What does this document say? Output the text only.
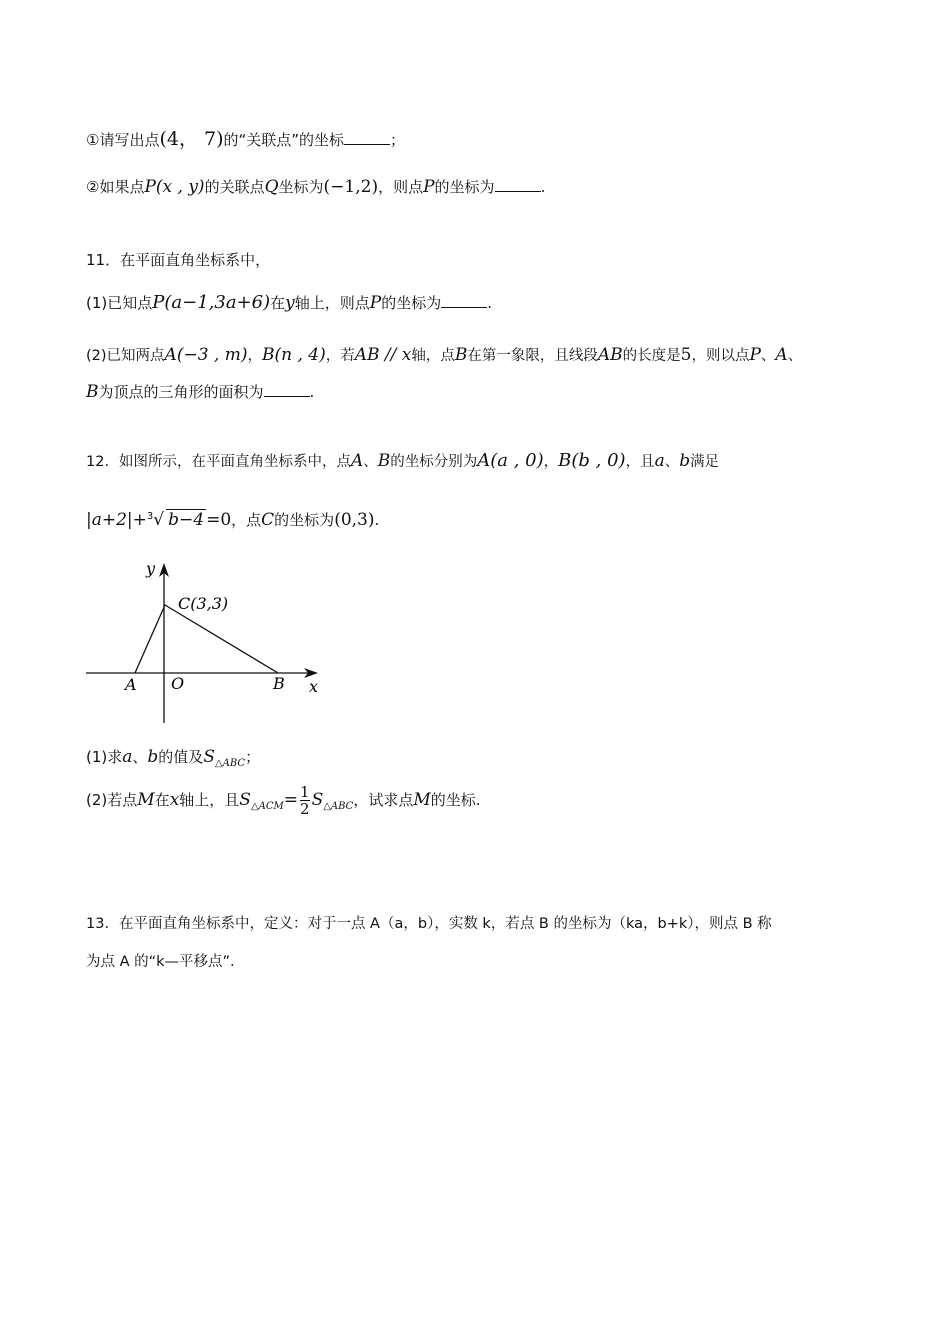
①请写出点(4， 7)的“关联点”的坐标	；
②如果点P(x , y)的关联点Q坐标为(−1,2)，则点P的坐标为	.
11．在平面直角坐标系中，
(1)已知点P(a−1,3a+6)在y轴上，则点P的坐标为	.
(2)已知两点A(−3 , m)，B(n , 4)，若AB // x轴，点B在第一象限，且线段AB的长度是5，则以点P、A、
B为顶点的三角形的面积为	.
12．如图所示，在平面直角坐标系中，点A、B的坐标分别为A(a , 0)，B(b , 0)，且a、b满足
|a+2|+$^3$√ b−4 =0，点C的坐标为(0,3).
y
C(3,3)
A O	B x
(1)求a、b的值及$S_{\triangle ABC}$；
(2)若点M在x轴上，且$S_{\triangle ACM}= \frac{1}{2} S_{\triangle ABC}$，试求点M的坐标.
13．在平面直角坐标系中，定义：对于一点 A（a，b），实数 k，若点 B 的坐标为（ka，b+k），则点 B 称
为点 A 的“k—平移点”.
